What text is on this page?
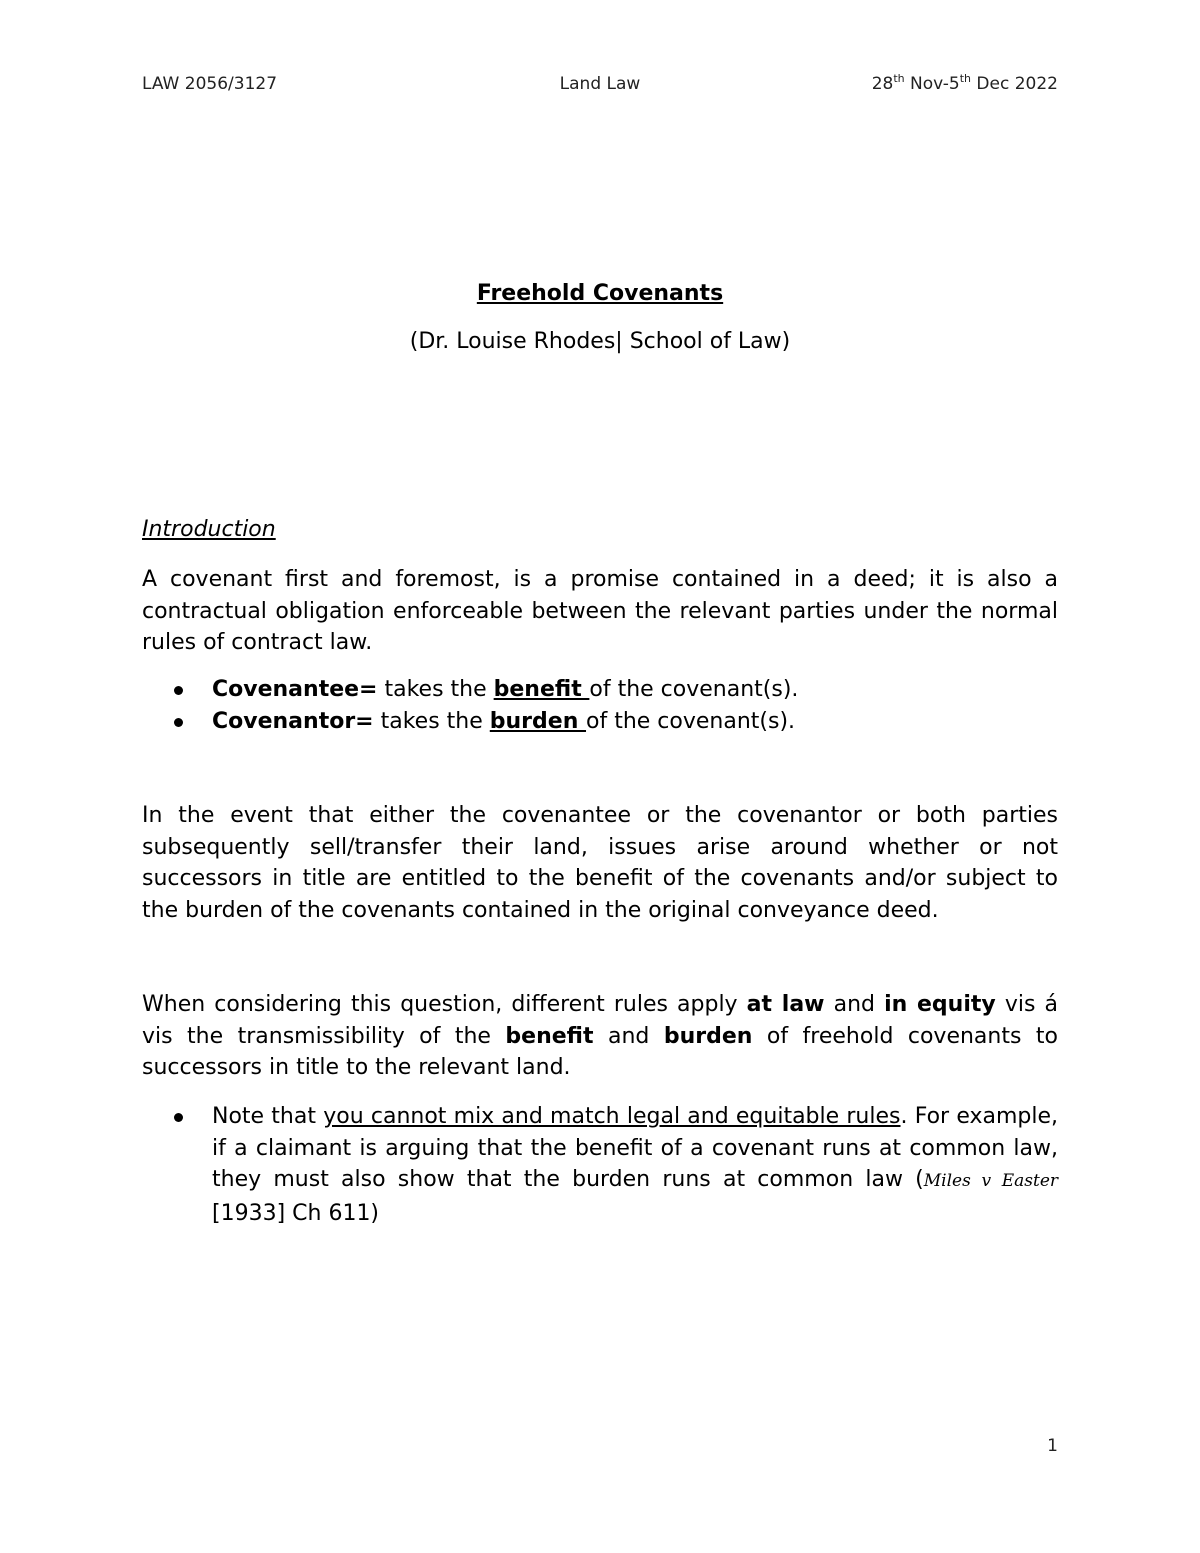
LAW 2056/3127	Land Law	28th Nov-5th Dec 2022
Freehold Covenants
(Dr. Louise Rhodes| School of Law)
Introduction
A covenant first and foremost, is a promise contained in a deed; it is also a contractual obligation enforceable between the relevant parties under the normal rules of contract law.
Covenantee= takes the benefit of the covenant(s).
Covenantor= takes the burden of the covenant(s).
In the event that either the covenantee or the covenantor or both parties subsequently sell/transfer their land, issues arise around whether or not successors in title are entitled to the benefit of the covenants and/or subject to the burden of the covenants contained in the original conveyance deed.
When considering this question, different rules apply at law and in equity vis á vis the transmissibility of the benefit and burden of freehold covenants to successors in title to the relevant land.
Note that you cannot mix and match legal and equitable rules. For example, if a claimant is arguing that the benefit of a covenant runs at common law, they must also show that the burden runs at common law (Miles v Easter [1933] Ch 611)
1
